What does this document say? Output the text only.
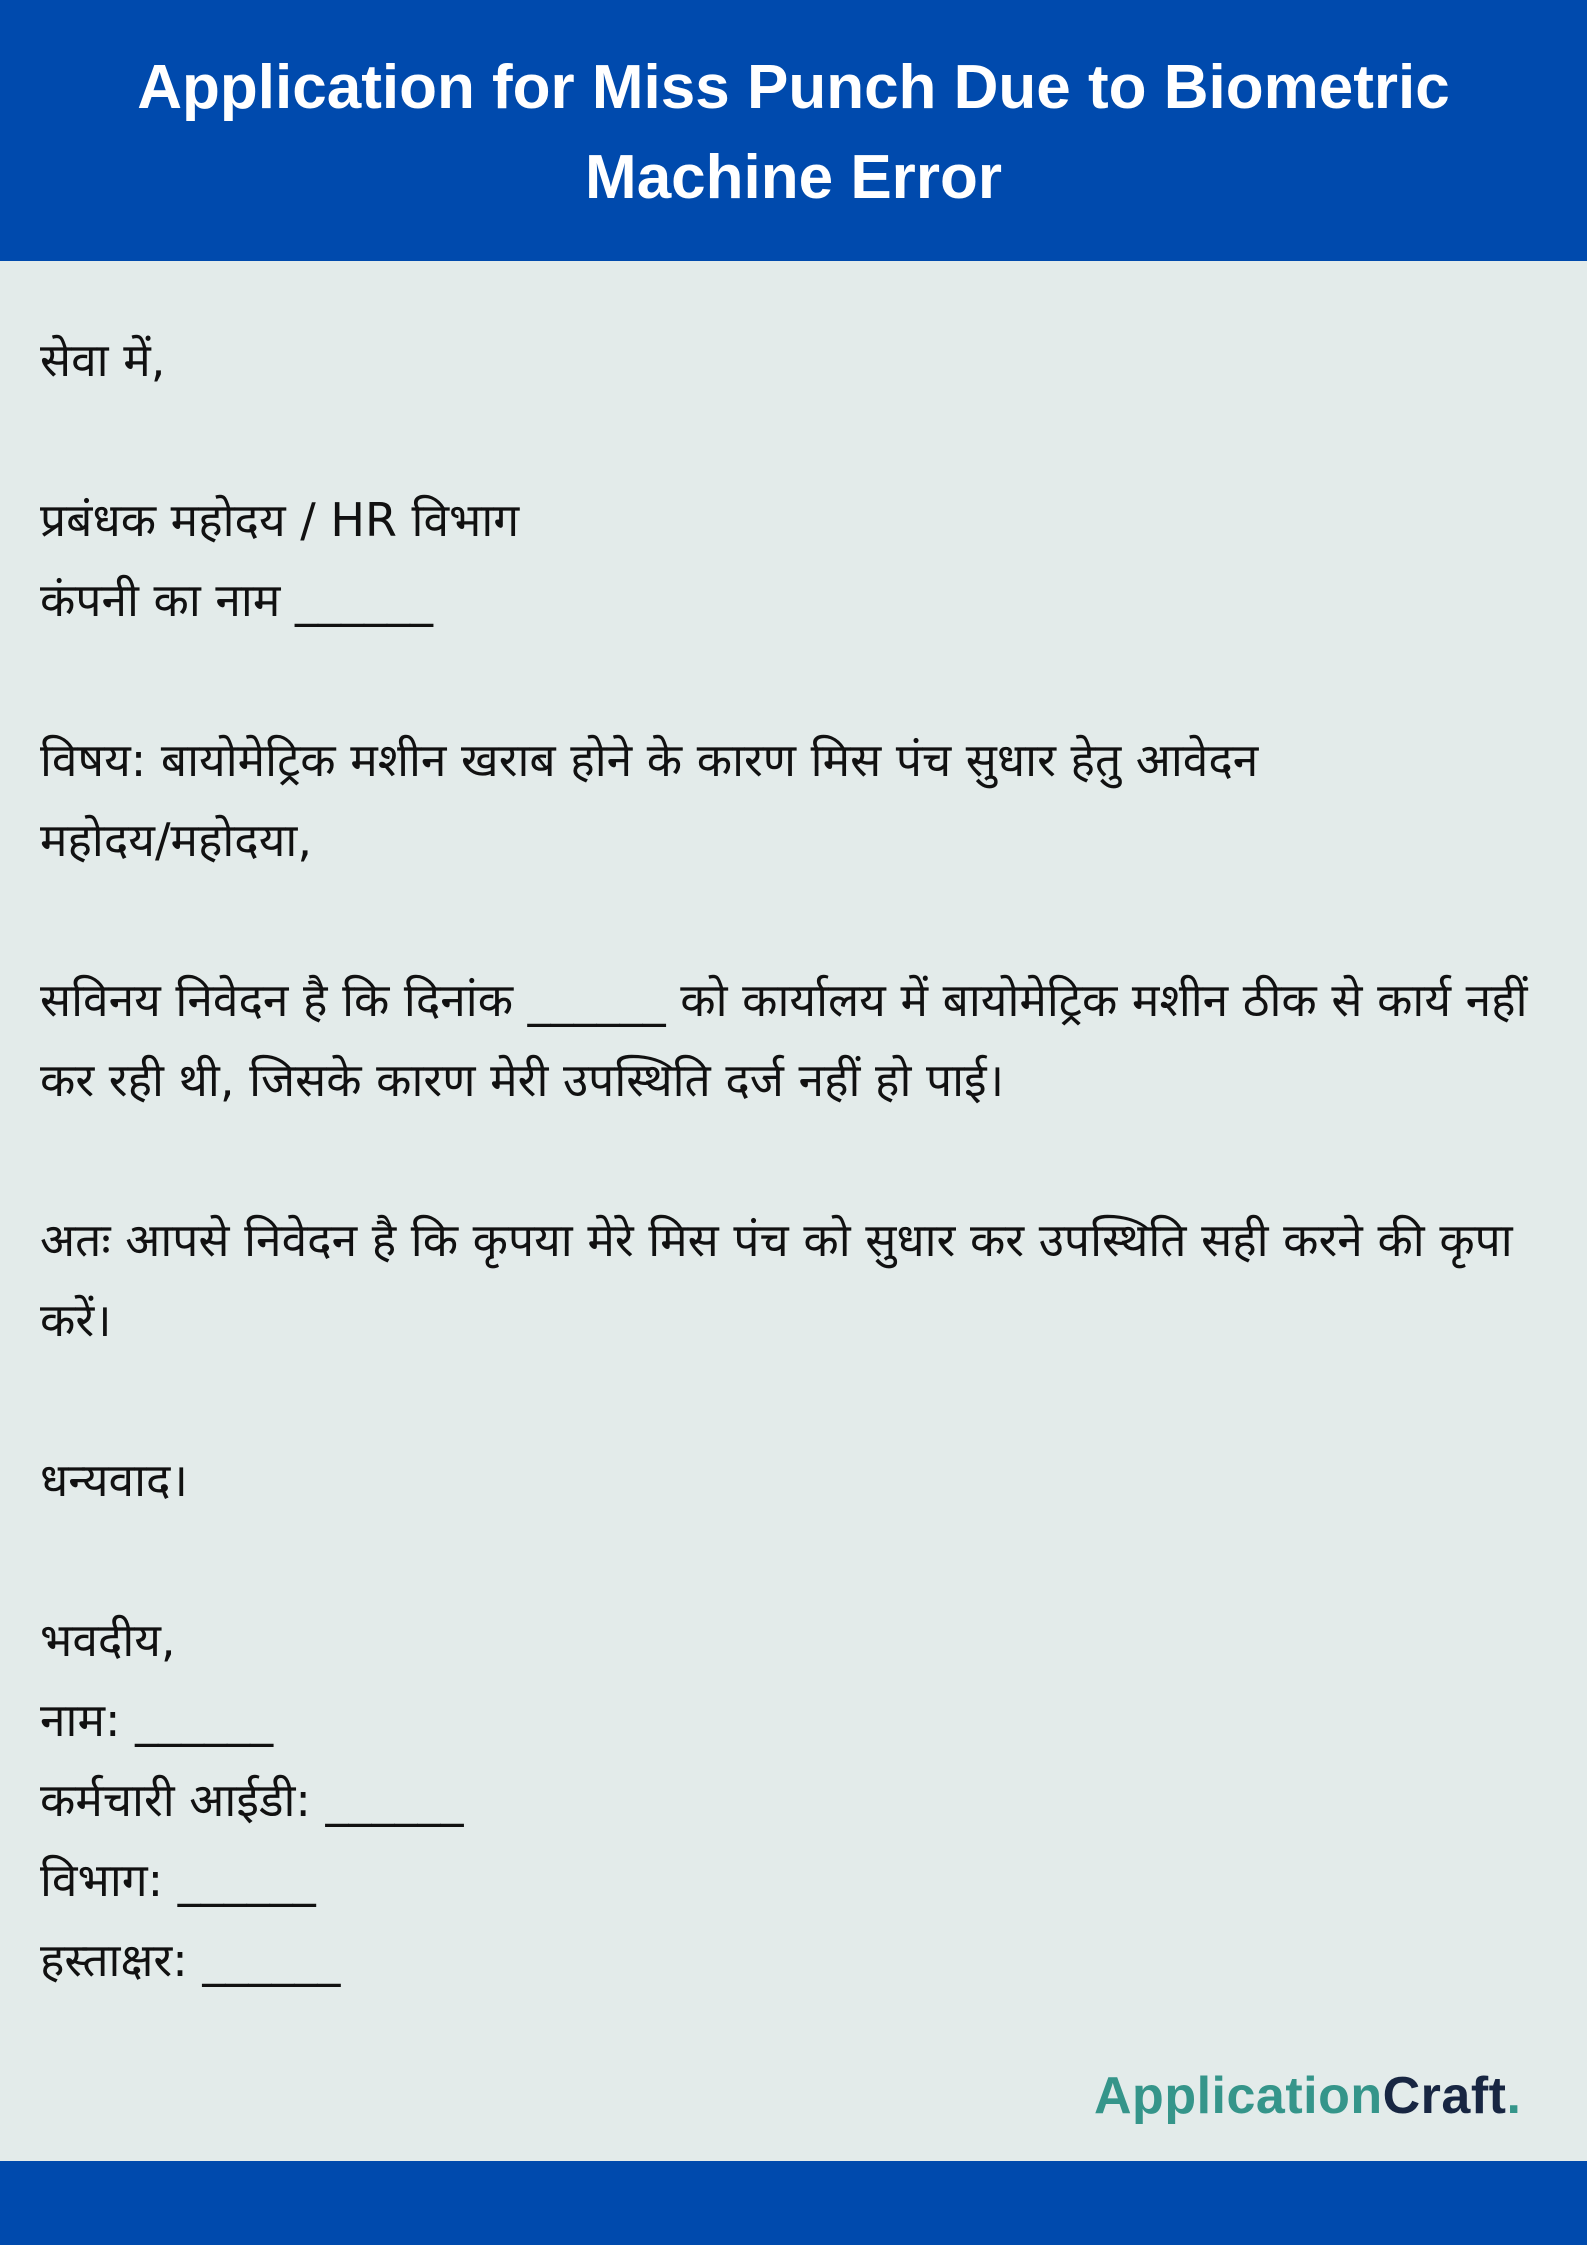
Application for Miss Punch Due to Biometric Machine Error
सेवा में,
प्रबंधक महोदय / HR विभाग
कंपनी का नाम ______
विषय: बायोमेट्रिक मशीन खराब होने के कारण मिस पंच सुधार हेतु आवेदन
महोदय/महोदया,
सविनय निवेदन है कि दिनांक ______ को कार्यालय में बायोमेट्रिक मशीन ठीक से कार्य नहीं कर रही थी, जिसके कारण मेरी उपस्थिति दर्ज नहीं हो पाई।
अतः आपसे निवेदन है कि कृपया मेरे मिस पंच को सुधार कर उपस्थिति सही करने की कृपा करें।
धन्यवाद।
भवदीय,
नाम: ______
कर्मचारी आईडी: ______
विभाग: ______
हस्ताक्षर: ______
ApplicationCraft.
